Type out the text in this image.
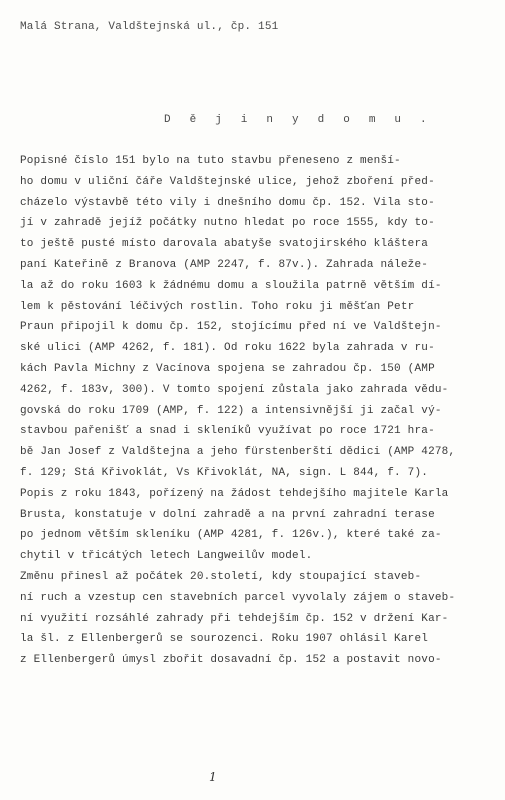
Malá Strana, Valdštejnská ul., čp. 151
D ě j i n y d o m u .
Popisné číslo 151 bylo na tuto stavbu přeneseno z menší-
ho domu v uliční čáře Valdštejnské ulice, jehož zboření před-
cházelo výstavbě této vily i dnešního domu čp. 152. Vila sto-
jí v zahradě jejíž počátky nutno hledat po roce 1555, kdy to-
to ještě pusté místo darovala abatyše svatojirského kláštera
paní Kateřině z Branova (AMP 2247, f. 87v.). Zahrada náleže-
la až do roku 1603 k žádnému domu a sloužila patrně větším dí-
lem k pěstování léčivých rostlin. Toho roku ji měšťan Petr
Praun připojil k domu čp. 152, stojícímu před ní ve Valdštejn-
ské ulici (AMP 4262, f. 181). Od roku 1622 byla zahrada v ru-
kách Pavla Michny z Vacínova spojena se zahradou čp. 150 (AMP
4262, f. 183v, 300). V tomto spojení zůstala jako zahrada vědu-
govská do roku 1709 (AMP, f. 122) a intensivnější ji začal vý-
stavbou pařenišť a snad i skleníků využívat po roce 1721 hra-
bě Jan Josef z Valdštejna a jeho fürstenberští dědici (AMP 4278,
f. 129; Stá Křivoklát, Vs Křivoklát, NA, sign. L 844, f. 7).
Popis z roku 1843, pořízený na žádost tehdejšího majitele Karla
Brusta, konstatuje v dolní zahradě a na první zahradní terase
po jednom větším skleníku (AMP 4281, f. 126v.), které také za-
chytil v třicátých letech Langweilův model.
Změnu přinesl až počátek 20.století, kdy stoupající staveb-
ní ruch a vzestup cen stavebních parcel vyvolaly zájem o staveb-
ní využití rozsáhlé zahrady při tehdejším čp. 152 v držení Kar-
la šl. z Ellenbergerů se sourozenci. Roku 1907 ohlásil Karel
z Ellenbergerů úmysl zbořit dosavadní čp. 152 a postavit novo-
1
